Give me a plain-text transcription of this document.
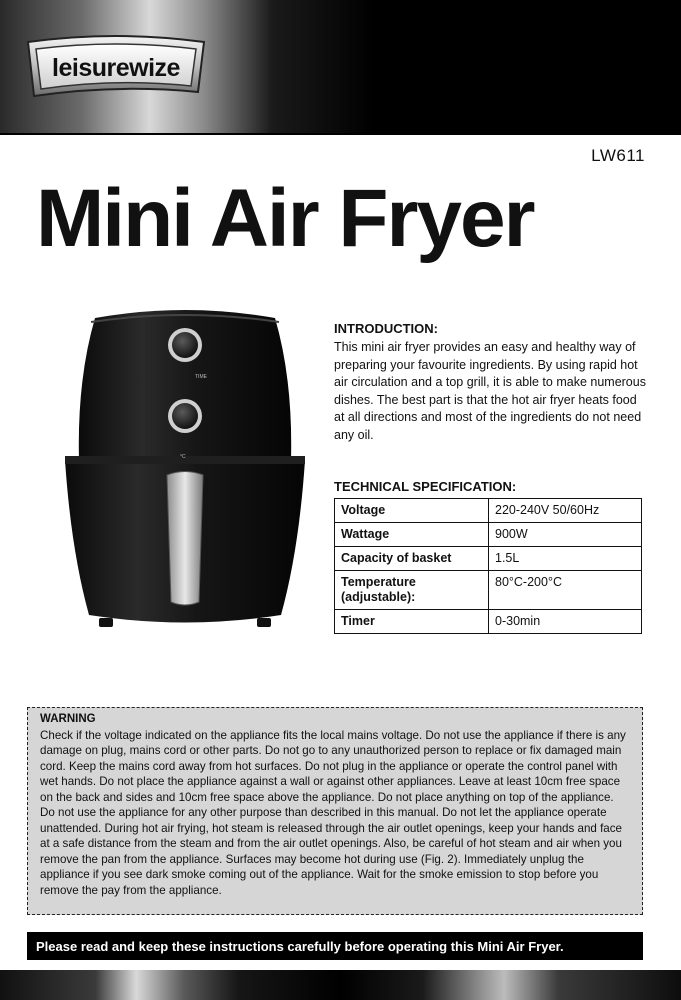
leisurewize
LW611
Mini Air Fryer
TIME
°C
INTRODUCTION:
This mini air fryer provides an easy and healthy way of preparing your favourite ingredients. By using rapid hot air circulation and a top grill, it is able to make numerous dishes. The best part is that the hot air fryer heats food at all directions and most of the ingredients do not need any oil.
TECHNICAL SPECIFICATION:
Voltage	220-240V 50/60Hz
Wattage	900W
Capacity of basket	1.5L
Temperature (adjustable):	80°C-200°C
Timer	0-30min
WARNING
Check if the voltage indicated on the appliance fits the local mains voltage. Do not use the appliance if there is any damage on plug, mains cord or other parts. Do not go to any unauthorized person to replace or fix damaged main cord. Keep the mains cord away from hot surfaces. Do not plug in the appliance or operate the control panel with wet hands. Do not place the appliance against a wall or against other appliances. Leave at least 10cm free space on the back and sides and 10cm free space above the appliance. Do not place anything on top of the appliance. Do not use the appliance for any other purpose than described in this manual. Do not let the appliance operate unattended. During hot air frying, hot steam is released through the air outlet openings, keep your hands and face at a safe distance from the steam and from the air outlet openings. Also, be careful of hot steam and air when you remove the pan from the appliance. Surfaces may become hot during use (Fig. 2). Immediately unplug the appliance if you see dark smoke coming out of the appliance. Wait for the smoke emission to stop before you remove the pay from the appliance.
Please read and keep these instructions carefully before operating this Mini Air Fryer.
